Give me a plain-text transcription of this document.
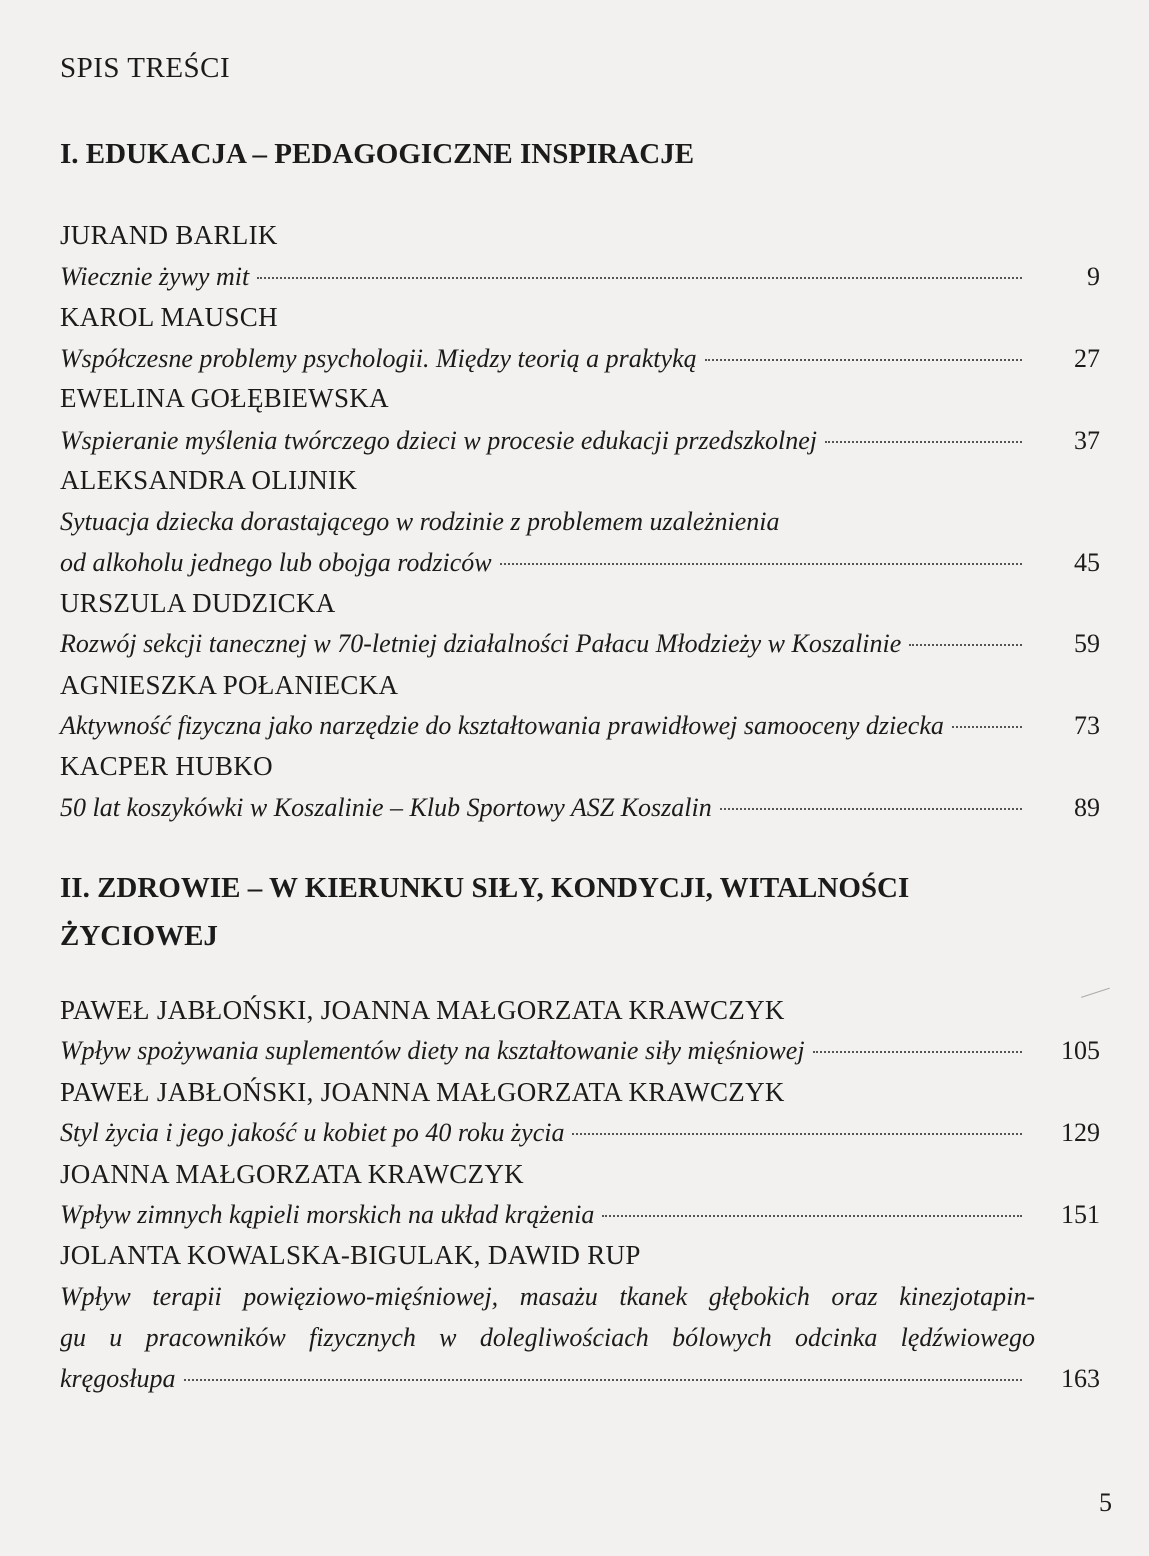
SPIS TREŚCI
I. EDUKACJA – PEDAGOGICZNE INSPIRACJE
JURAND BARLIK
Wiecznie żywy mit	9
KAROL MAUSCH
Współczesne problemy psychologii. Między teorią a praktyką	27
EWELINA GOŁĘBIEWSKA
Wspieranie myślenia twórczego dzieci w procesie edukacji przedszkolnej	37
ALEKSANDRA OLIJNIK
Sytuacja dziecka dorastającego w rodzinie z problemem uzależnienia
od alkoholu jednego lub obojga rodziców	45
URSZULA DUDZICKA
Rozwój sekcji tanecznej w 70-letniej działalności Pałacu Młodzieży w Koszalinie	59
AGNIESZKA POŁANIECKA
Aktywność fizyczna jako narzędzie do kształtowania prawidłowej samooceny dziecka	73
KACPER HUBKO
50 lat koszykówki w Koszalinie – Klub Sportowy ASZ Koszalin	89
II. ZDROWIE – W KIERUNKU SIŁY, KONDYCJI, WITALNOŚCI
ŻYCIOWEJ
PAWEŁ JABŁOŃSKI, JOANNA MAŁGORZATA KRAWCZYK
Wpływ spożywania suplementów diety na kształtowanie siły mięśniowej	105
PAWEŁ JABŁOŃSKI, JOANNA MAŁGORZATA KRAWCZYK
Styl życia i jego jakość u kobiet po 40 roku życia	129
JOANNA MAŁGORZATA KRAWCZYK
Wpływ zimnych kąpieli morskich na układ krążenia	151
JOLANTA KOWALSKA-BIGULAK, DAWID RUP
Wpływ terapii powięziowo-mięśniowej, masażu tkanek głębokich oraz kinezjotapin-
gu u pracowników fizycznych w dolegliwościach bólowych odcinka lędźwiowego
kręgosłupa	163
5
